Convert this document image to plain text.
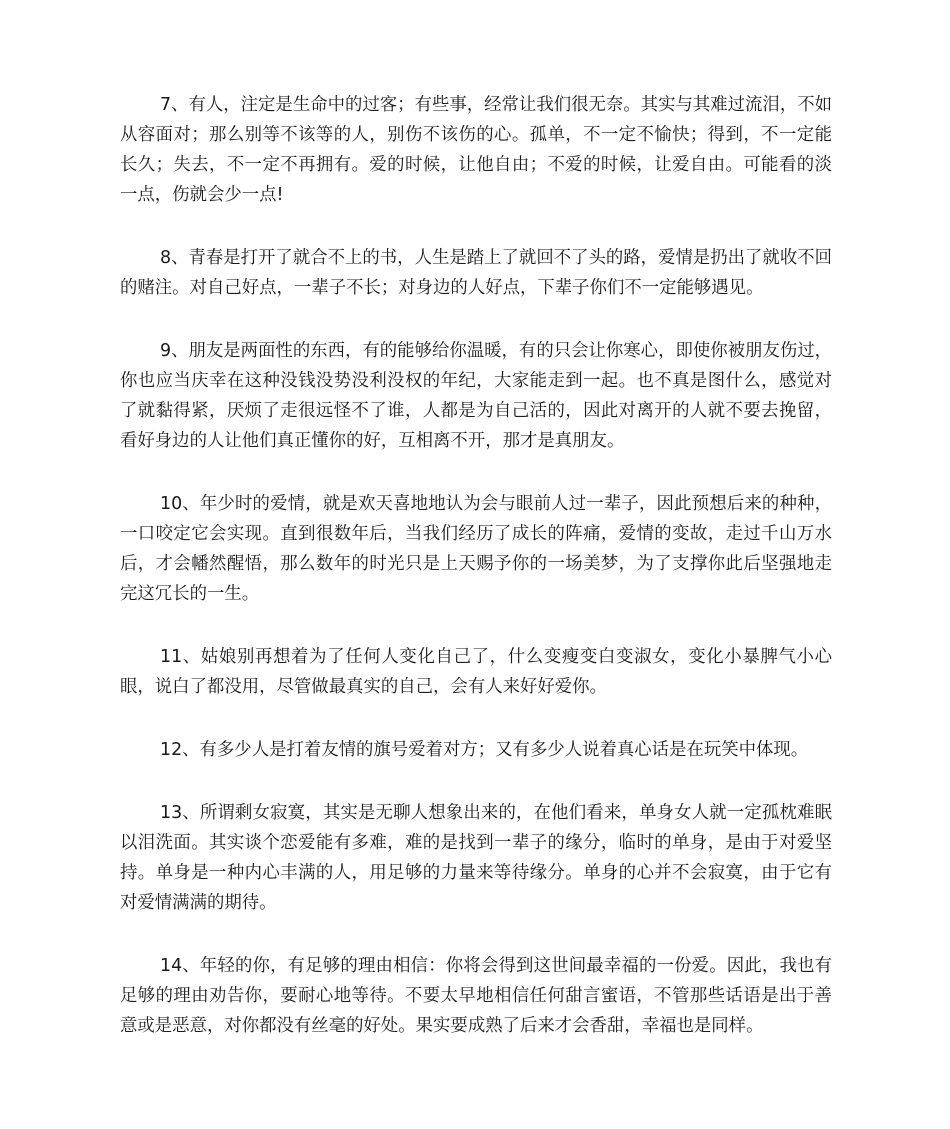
7、有人，注定是生命中的过客；有些事，经常让我们很无奈。其实与其难过流泪，不如从容面对；那么别等不该等的人，别伤不该伤的心。孤单，不一定不愉快；得到，不一定能长久；失去，不一定不再拥有。爱的时候，让他自由；不爱的时候，让爱自由。可能看的淡一点，伤就会少一点!

8、青春是打开了就合不上的书，人生是踏上了就回不了头的路，爱情是扔出了就收不回的赌注。对自己好点，一辈子不长；对身边的人好点，下辈子你们不一定能够遇见。

9、朋友是两面性的东西，有的能够给你温暖，有的只会让你寒心，即使你被朋友伤过，你也应当庆幸在这种没钱没势没利没权的年纪，大家能走到一起。也不真是图什么，感觉对了就黏得紧，厌烦了走很远怪不了谁，人都是为自己活的，因此对离开的人就不要去挽留，看好身边的人让他们真正懂你的好，互相离不开，那才是真朋友。

10、年少时的爱情，就是欢天喜地地认为会与眼前人过一辈子，因此预想后来的种种，一口咬定它会实现。直到很数年后，当我们经历了成长的阵痛，爱情的变故，走过千山万水后，才会幡然醒悟，那么数年的时光只是上天赐予你的一场美梦，为了支撑你此后坚强地走完这冗长的一生。

11、姑娘别再想着为了任何人变化自己了，什么变瘦变白变淑女，变化小暴脾气小心眼，说白了都没用，尽管做最真实的自己，会有人来好好爱你。

12、有多少人是打着友情的旗号爱着对方；又有多少人说着真心话是在玩笑中体现。

13、所谓剩女寂寞，其实是无聊人想象出来的，在他们看来，单身女人就一定孤枕难眠以泪洗面。其实谈个恋爱能有多难，难的是找到一辈子的缘分，临时的单身，是由于对爱坚持。单身是一种内心丰满的人，用足够的力量来等待缘分。单身的心并不会寂寞，由于它有对爱情满满的期待。

14、年轻的你，有足够的理由相信：你将会得到这世间最幸福的一份爱。因此，我也有足够的理由劝告你，要耐心地等待。不要太早地相信任何甜言蜜语，不管那些话语是出于善意或是恶意，对你都没有丝毫的好处。果实要成熟了后来才会香甜，幸福也是同样。
